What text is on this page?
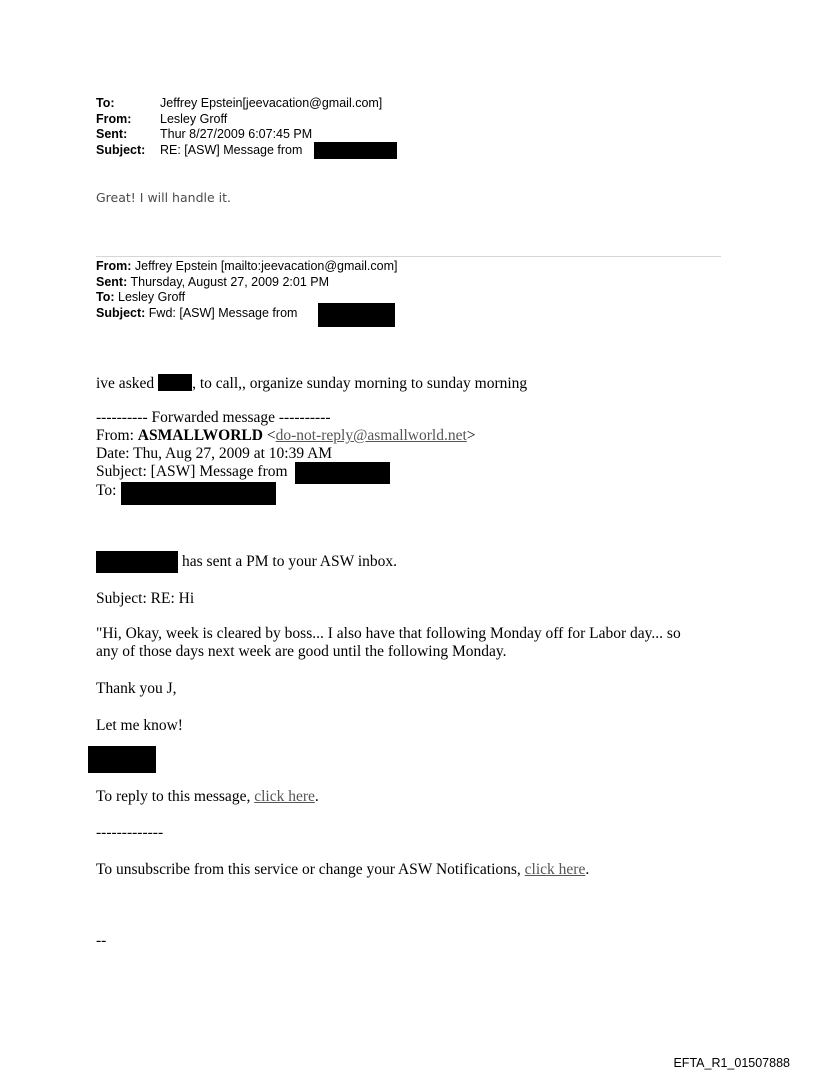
To:	Jeffrey Epstein[jeevacation@gmail.com]
From: Lesley Groff
Sent:	Thur 8/27/2009 6:07:45 PM
Subject: RE: [ASW] Message from
Great! I will handle it.
From: Jeffrey Epstein [mailto:jeevacation@gmail.com]
Sent: Thursday, August 27, 2009 2:01 PM
To: Lesley Groff
Subject: Fwd: [ASW] Message from
ive asked , to call,, organize sunday morning to sunday morning
---------- Forwarded message ----------
From: ASMALLWORLD <do-not-reply@asmallworld.net>
Date: Thu, Aug 27, 2009 at 10:39 AM
Subject: [ASW] Message from
To:
has sent a PM to your ASW inbox.
Subject: RE: Hi
"Hi, Okay, week is cleared by boss... I also have that following Monday off for Labor day... so
any of those days next week are good until the following Monday.
Thank you J,
Let me know!
To reply to this message, click here.
-------------
To unsubscribe from this service or change your ASW Notifications, click here.
--
EFTA_R1_01507888
